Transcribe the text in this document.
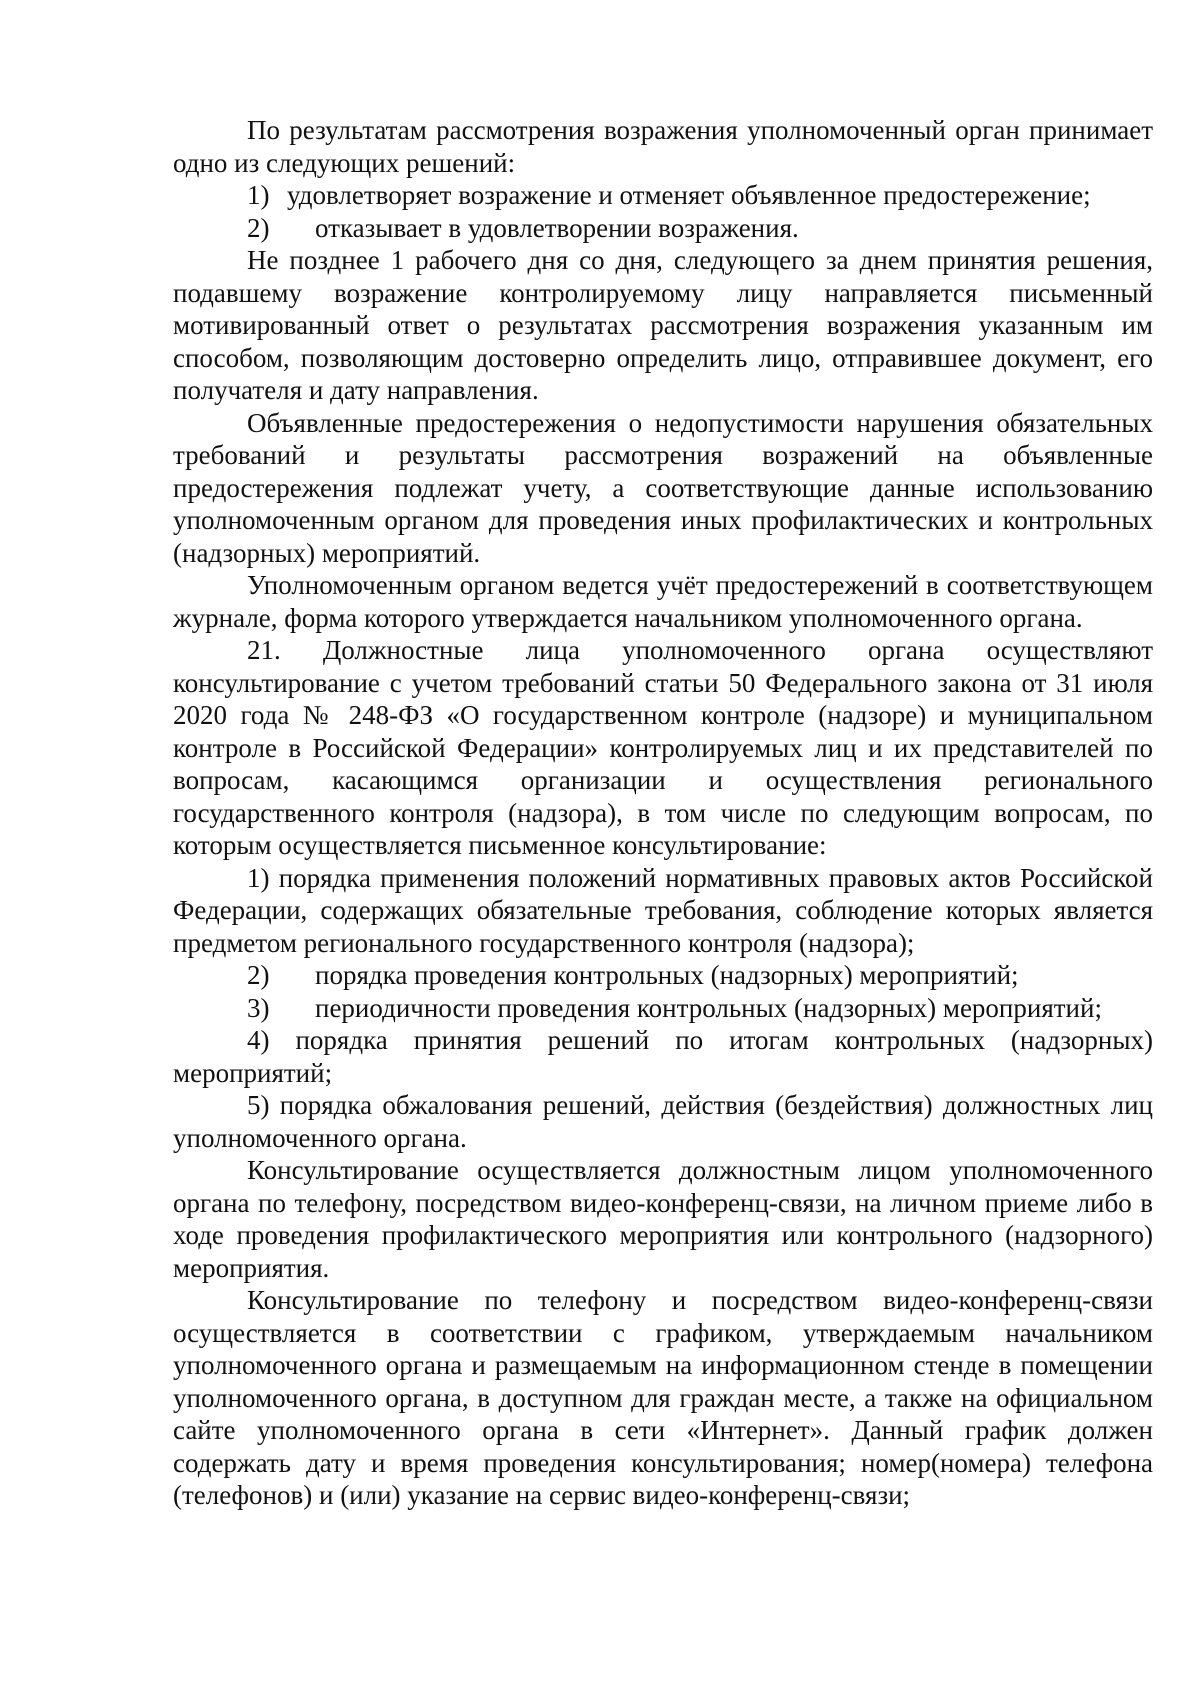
По результатам рассмотрения возражения уполномоченный орган принимает одно из следующих решений:

1) удовлетворяет возражение и отменяет объявленное предостережение;

2) отказывает в удовлетворении возражения.

Не позднее 1 рабочего дня со дня, следующего за днем принятия решения, подавшему возражение контролируемому лицу направляется письменный мотивированный ответ о результатах рассмотрения возражения указанным им способом, позволяющим достоверно определить лицо, отправившее документ, его получателя и дату направления.

Объявленные предостережения о недопустимости нарушения обязательных требований и результаты рассмотрения возражений на объявленные предостережения подлежат учету, а соответствующие данные использованию уполномоченным органом для проведения иных профилактических и контрольных (надзорных) мероприятий.

Уполномоченным органом ведется учёт предостережений в соответствующем журнале, форма которого утверждается начальником уполномоченного органа.

21. Должностные лица уполномоченного органа осуществляют консультирование с учетом требований статьи 50 Федерального закона от 31 июля 2020 года № 248-ФЗ «О государственном контроле (надзоре) и муниципальном контроле в Российской Федерации» контролируемых лиц и их представителей по вопросам, касающимся организации и осуществления регионального государственного контроля (надзора), в том числе по следующим вопросам, по которым осуществляется письменное консультирование:

1) порядка применения положений нормативных правовых актов Российской Федерации, содержащих обязательные требования, соблюдение которых является предметом регионального государственного контроля (надзора);

2) порядка проведения контрольных (надзорных) мероприятий;

3) периодичности проведения контрольных (надзорных) мероприятий;

4) порядка принятия решений по итогам контрольных (надзорных) мероприятий;

5) порядка обжалования решений, действия (бездействия) должностных лиц уполномоченного органа.

Консультирование осуществляется должностным лицом уполномоченного органа по телефону, посредством видео-конференц-связи, на личном приеме либо в ходе проведения профилактического мероприятия или контрольного (надзорного) мероприятия.

Консультирование по телефону и посредством видео-конференц-связи осуществляется в соответствии с графиком, утверждаемым начальником уполномоченного органа и размещаемым на информационном стенде в помещении уполномоченного органа, в доступном для граждан месте, а также на официальном сайте уполномоченного органа в сети «Интернет». Данный график должен содержать дату и время проведения консультирования; номер(номера) телефона (телефонов) и (или) указание на сервис видео-конференц-связи;
